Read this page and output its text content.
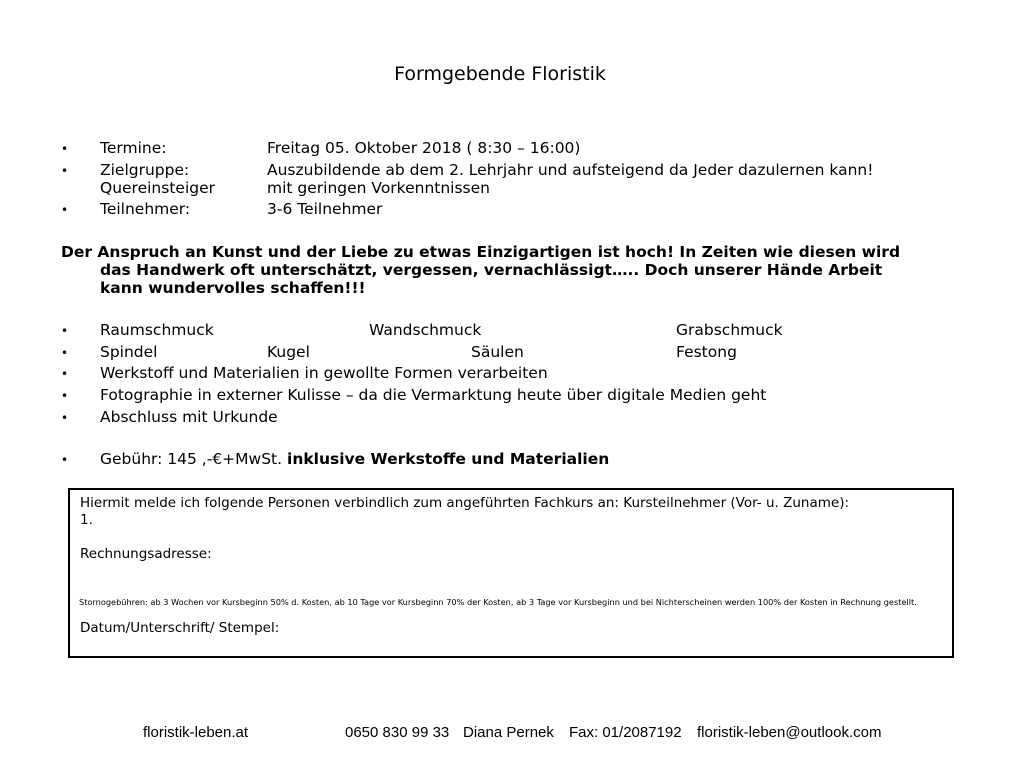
Formgebende Floristik
• Termine:	Freitag 05. Oktober 2018 ( 8:30 – 16:00)
• Zielgruppe:	Auszubildende ab dem 2. Lehrjahr und aufsteigend da Jeder dazulernen kann!
Quereinsteiger	mit geringen Vorkenntnissen
• Teilnehmer:	3-6 Teilnehmer
Der Anspruch an Kunst und der Liebe zu etwas Einzigartigen ist hoch! In Zeiten wie diesen wird
das Handwerk oft unterschätzt, vergessen, vernachlässigt….. Doch unserer Hände Arbeit
kann wundervolles schaffen!!!
• Raumschmuck	Wandschmuck	Grabschmuck
• Spindel	Kugel	Säulen	Festong
• Werkstoff und Materialien in gewollte Formen verarbeiten
• Fotographie in externer Kulisse – da die Vermarktung heute über digitale Medien geht
• Abschluss mit Urkunde
• Gebühr: 145 ,-€+MwSt. inklusive Werkstoffe und Materialien
Hiermit melde ich folgende Personen verbindlich zum angeführten Fachkurs an: Kursteilnehmer (Vor- u. Zuname):
1.
Rechnungsadresse:
Stornogebühren: ab 3 Wochen vor Kursbeginn 50% d. Kosten, ab 10 Tage vor Kursbeginn 70% der Kosten, ab 3 Tage vor Kursbeginn und bei Nichterscheinen werden 100% der Kosten in Rechnung gestellt.
Datum/Unterschrift/ Stempel:
floristik-leben.at	0650 830 99 33 Diana Pernek Fax: 01/2087192 floristik-leben@outlook.com
